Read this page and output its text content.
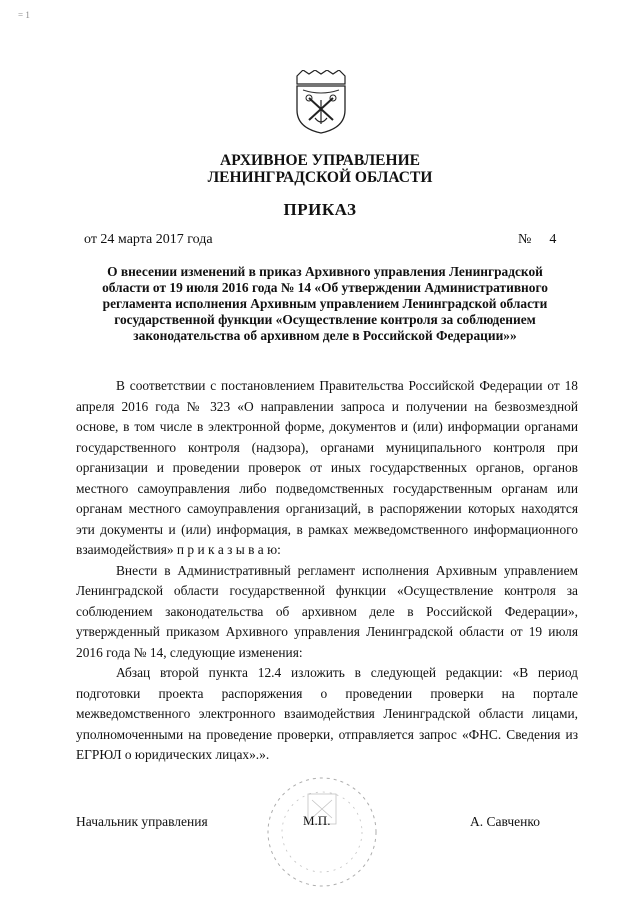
= 1
АРХИВНОЕ УПРАВЛЕНИЕ
ЛЕНИНГРАДСКОЙ ОБЛАСТИ
ПРИКАЗ
от 24 марта 2017 года	№ 4
О внесении изменений в приказ Архивного управления Ленинградской области от 19 июля 2016 года № 14 «Об утверждении Административного регламента исполнения Архивным управлением Ленинградской области государственной функции «Осуществление контроля за соблюдением законодательства об архивном деле в Российской Федерации»»

В соответствии с постановлением Правительства Российской Федерации от 18 апреля 2016 года № 323 «О направлении запроса и получении на безвозмездной основе, в том числе в электронной форме, документов и (или) информации органами государственного контроля (надзора), органами муниципального контроля при организации и проведении проверок от иных государственных органов, органов местного самоуправления либо подведомственных государственным органам или органам местного самоуправления организаций, в распоряжении которых находятся эти документы и (или) информация, в рамках межведомственного информационного взаимодействия» п р и к а з ы в а ю:

Внести в Административный регламент исполнения Архивным управлением Ленинградской области государственной функции «Осуществление контроля за соблюдением законодательства об архивном деле в Российской Федерации», утвержденный приказом Архивного управления Ленинградской области от 19 июля 2016 года № 14, следующие изменения:

Абзац второй пункта 12.4 изложить в следующей редакции: «В период подготовки проекта распоряжения о проведении проверки на портале межведомственного электронного взаимодействия Ленинградской области лицами, уполномоченными на проведение проверки, отправляется запрос «ФНС. Сведения из ЕГРЮЛ о юридических лицах».».

Начальник управления	М.П.	А. Савченко
